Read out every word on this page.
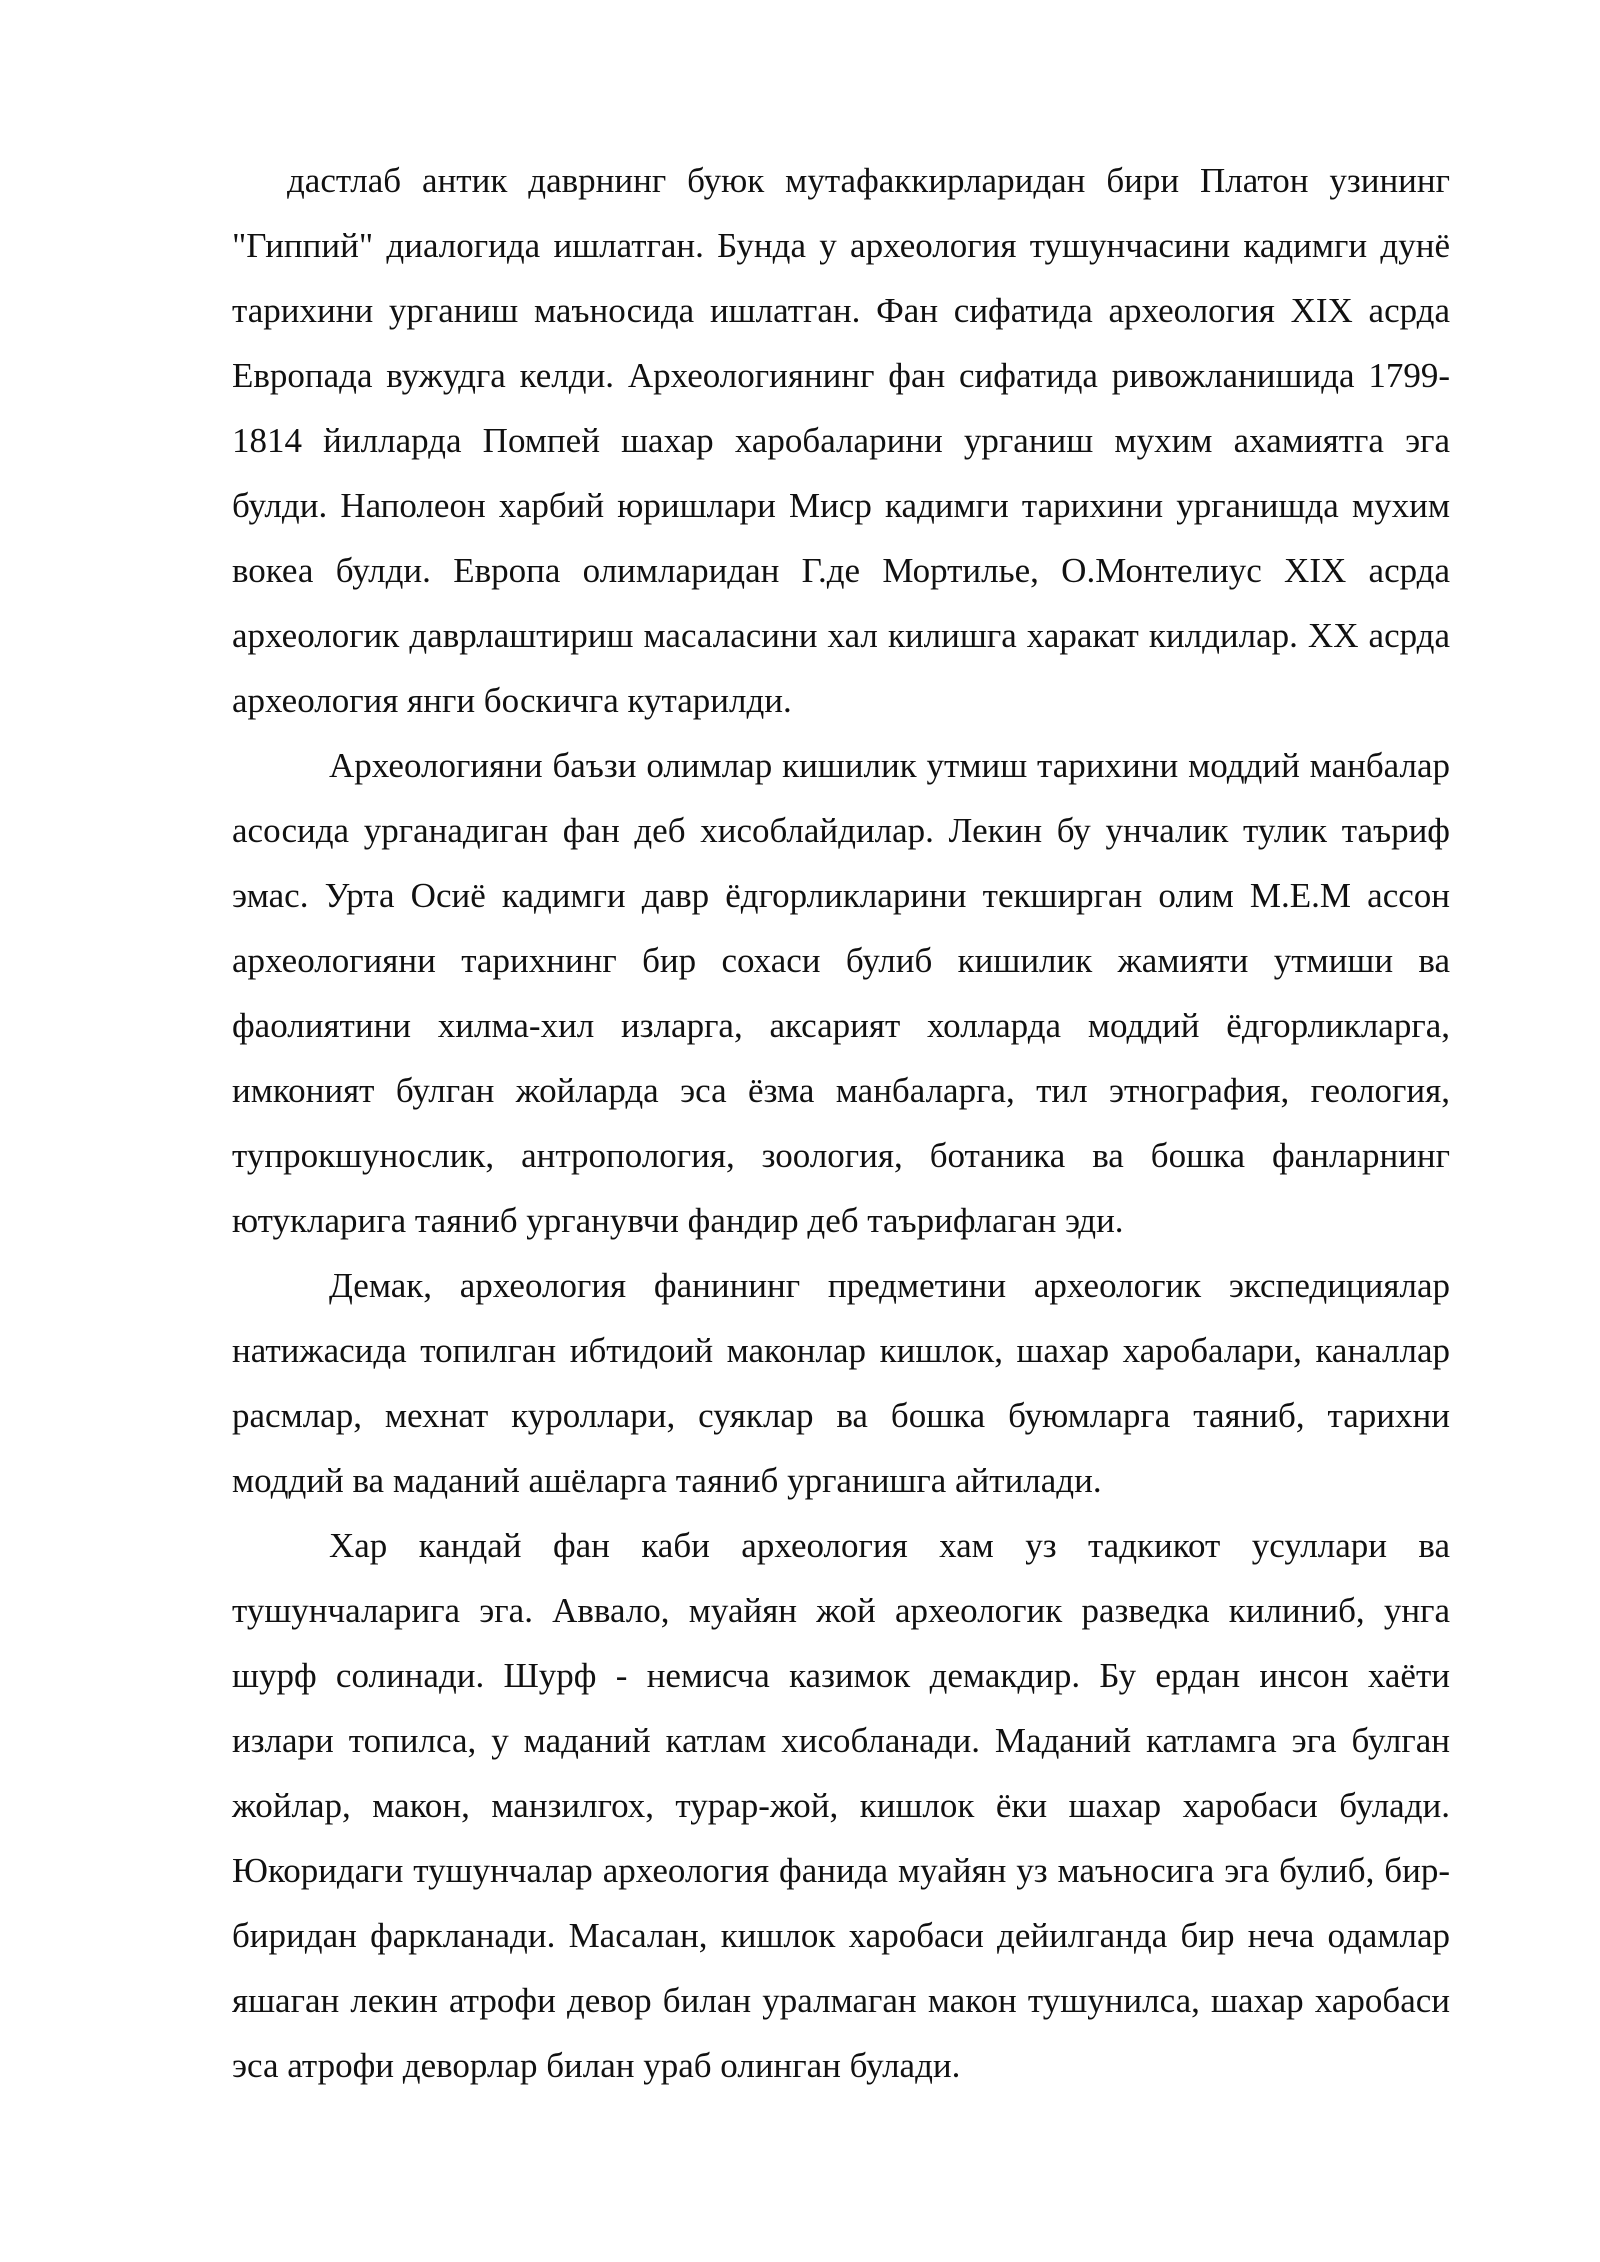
дастлаб антик даврнинг буюк мутафаккирларидан бири Платон узининг "Гиппий" диалогида ишлатган. Бунда у археология тушунчасини кадимги дунё тарихини урганиш маъносида ишлатган. Фан сифатида археология XIX асрда Европада вужудга келди. Археологиянинг фан сифатида ривожланишида 1799-1814 йилларда Помпей шахар харобаларини урганиш мухим ахамиятга эга булди. Наполеон харбий юришлари Миср кадимги тарихини урганишда мухим вокеа булди. Европа олимларидан Г.де Мортилье, О.Монтелиус XIX асрда археологик даврлаштириш масаласини хал килишга харакат килдилар. XX асрда археология янги боскичга кутарилди.

Археологияни баъзи олимлар кишилик утмиш тарихини моддий манбалар асосида урганадиган фан деб хисоблайдилар. Лекин бу унчалик тулик таъриф эмас. Урта Осиё кадимги давр ёдгорликларини текширган олим М.Е.М ассон археологияни тарихнинг бир сохаси булиб кишилик жамияти утмиши ва фаолиятини хилма-хил изларга, аксарият холларда моддий ёдгорликларга, имконият булган жойларда эса ёзма манбаларга, тил этнография, геология, тупрокшунослик, антропология, зоология, ботаника ва бошка фанларнинг ютукларига таяниб урганувчи фандир деб таърифлаган эди.

Демак, археология фанининг предметини археологик экспедициялар натижасида топилган ибтидоий маконлар кишлок, шахар харобалари, каналлар расмлар, мехнат куроллари, суяклар ва бошка буюмларга таяниб, тарихни моддий ва маданий ашёларга таяниб урганишга айтилади.

Хар кандай фан каби археология хам уз тадкикот усуллари ва тушунчаларига эга. Аввало, муайян жой археологик разведка килиниб, унга шурф солинади. Шурф - немисча казимок демакдир. Бу ердан инсон хаёти излари топилса, у маданий катлам хисобланади. Маданий катламга эга булган жойлар, макон, манзилгох, турар-жой, кишлок ёки шахар харобаси булади. Юкоридаги тушунчалар археология фанида муайян уз маъносига эга булиб, бир-биридан фаркланади. Масалан, кишлок харобаси дейилганда бир неча одамлар яшаган лекин атрофи девор билан уралмаган макон тушунилса, шахар харобаси эса атрофи деворлар билан ураб олинган булади.
